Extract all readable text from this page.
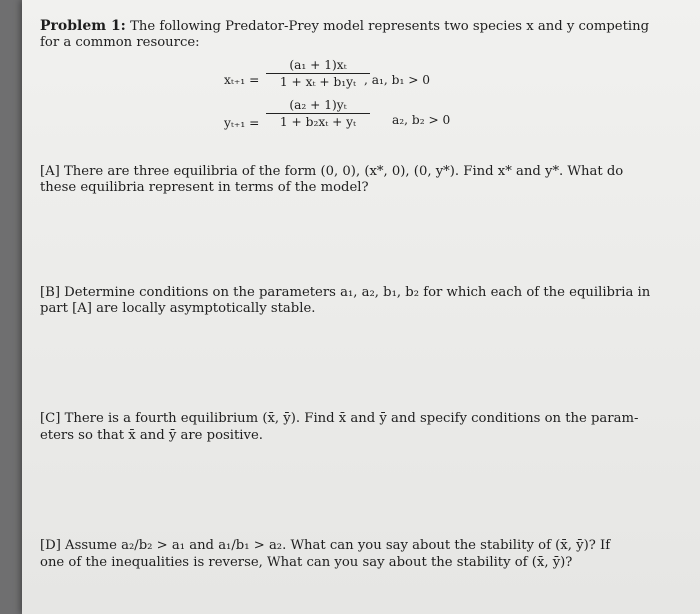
Problem 1: The following Predator-Prey model represents two species x and y competing
for a common resource:
xₜ₊₁ =
(a₁ + 1)xₜ
1 + xₜ + b₁yₜ , a₁, b₁ > 0
yₜ₊₁ =
(a₂ + 1)yₜ
1 + b₂xₜ + yₜ	a₂, b₂ > 0
[A] There are three equilibria of the form (0, 0), (x*, 0), (0, y*). Find x* and y*. What do
these equilibria represent in terms of the model?
[B] Determine conditions on the parameters a₁, a₂, b₁, b₂ for which each of the equilibria in
part [A] are locally asymptotically stable.
[C] There is a fourth equilibrium (x̄, ȳ). Find x̄ and ȳ and specify conditions on the param-
eters so that x̄ and ȳ are positive.
[D] Assume a₂/b₂ > a₁ and a₁/b₁ > a₂. What can you say about the stability of (x̄, ȳ)? If
one of the inequalities is reverse, What can you say about the stability of (x̄, ȳ)?
